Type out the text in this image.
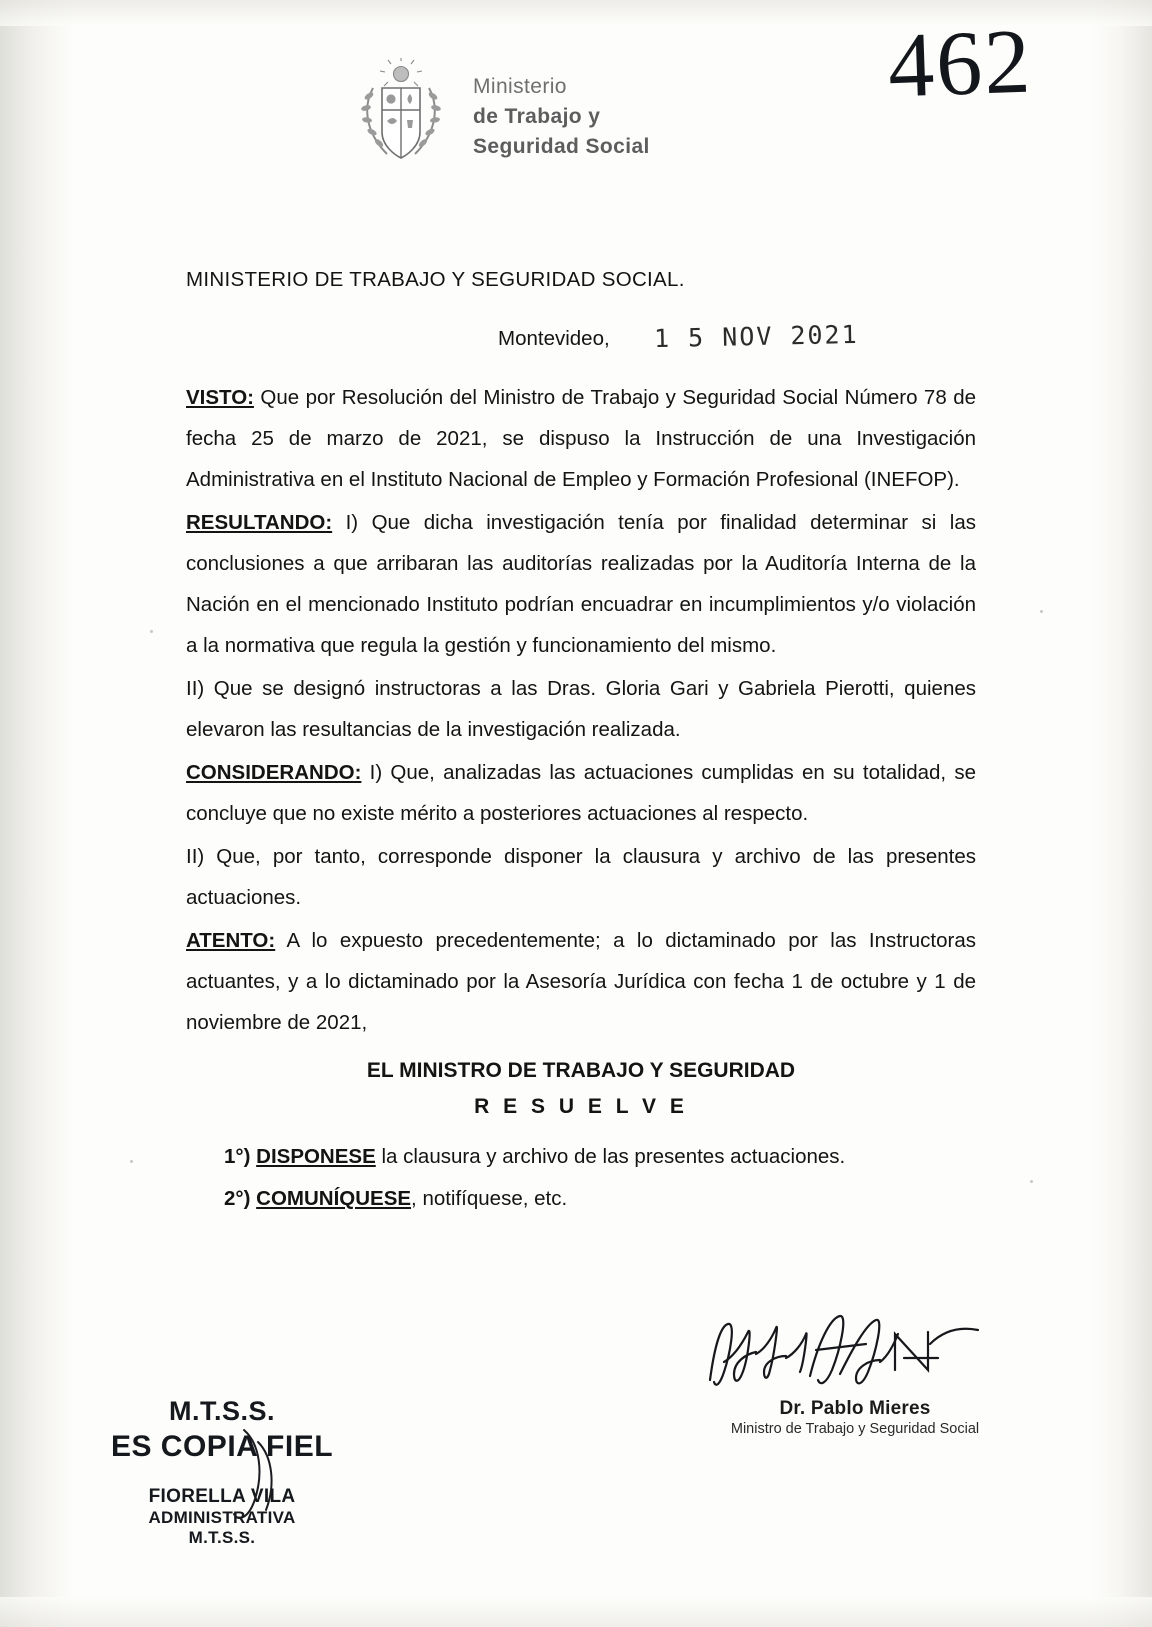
Ministerio
de Trabajo y
Seguridad Social
462
MINISTERIO DE TRABAJO Y SEGURIDAD SOCIAL.
Montevideo, 1 5 NOV 2021

VISTO: Que por Resolución del Ministro de Trabajo y Seguridad Social Número 78 de fecha 25 de marzo de 2021, se dispuso la Instrucción de una Investigación Administrativa en el Instituto Nacional de Empleo y Formación Profesional (INEFOP).

RESULTANDO: I) Que dicha investigación tenía por finalidad determinar si las conclusiones a que arribaran las auditorías realizadas por la Auditoría Interna de la Nación en el mencionado Instituto podrían encuadrar en incumplimientos y/o violación a la normativa que regula la gestión y funcionamiento del mismo.

II) Que se designó instructoras a las Dras. Gloria Gari y Gabriela Pierotti, quienes elevaron las resultancias de la investigación realizada.

CONSIDERANDO: I) Que, analizadas las actuaciones cumplidas en su totalidad, se concluye que no existe mérito a posteriores actuaciones al respecto.

II) Que, por tanto, corresponde disponer la clausura y archivo de las presentes actuaciones.

ATENTO: A lo expuesto precedentemente; a lo dictaminado por las Instructoras actuantes, y a lo dictaminado por la Asesoría Jurídica con fecha 1 de octubre y 1 de noviembre de 2021,

EL MINISTRO DE TRABAJO Y SEGURIDAD

R E S U E L V E

1°) DISPONESE la clausura y archivo de las presentes actuaciones.

2°) COMUNÍQUESE, notifíquese, etc.

Dr. Pablo Mieres
Ministro de Trabajo y Seguridad Social
M.T.S.S.
ES COPIA FIEL
FIORELLA VILA
ADMINISTRATIVA
M.T.S.S.
